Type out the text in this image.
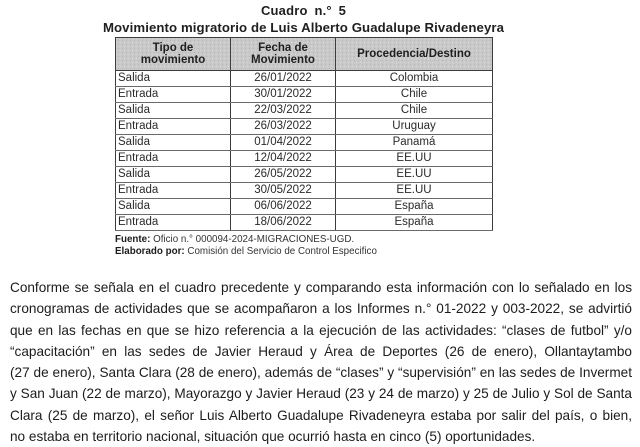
Cuadro n.° 5
Movimiento migratorio de Luis Alberto Guadalupe Rivadeneyra
Tipo de movimiento	Fecha de Movimiento	Procedencia/Destino
Salida	26/01/2022	Colombia
Entrada	30/01/2022	Chile
Salida	22/03/2022	Chile
Entrada	26/03/2022	Uruguay
Salida	01/04/2022	Panamá
Entrada	12/04/2022	EE.UU
Salida	26/05/2022	EE.UU
Entrada	30/05/2022	EE.UU
Salida	06/06/2022	España
Entrada	18/06/2022	España
Fuente: Oficio n.° 000094-2024-MIGRACIONES-UGD.
Elaborado por: Comisión del Servicio de Control Especifico
Conforme se señala en el cuadro precedente y comparando esta información con lo señalado en los
cronogramas de actividades que se acompañaron a los Informes n.° 01-2022 y 003-2022, se advirtió
que en las fechas en que se hizo referencia a la ejecución de las actividades: “clases de futbol” y/o
“capacitación” en las sedes de Javier Heraud y Área de Deportes (26 de enero), Ollantaytambo
(27 de enero), Santa Clara (28 de enero), además de “clases” y “supervisión” en las sedes de Invermet
y San Juan (22 de marzo), Mayorazgo y Javier Heraud (23 y 24 de marzo) y 25 de Julio y Sol de Santa
Clara (25 de marzo), el señor Luis Alberto Guadalupe Rivadeneyra estaba por salir del país, o bien,
no estaba en territorio nacional, situación que ocurrió hasta en cinco (5) oportunidades.
